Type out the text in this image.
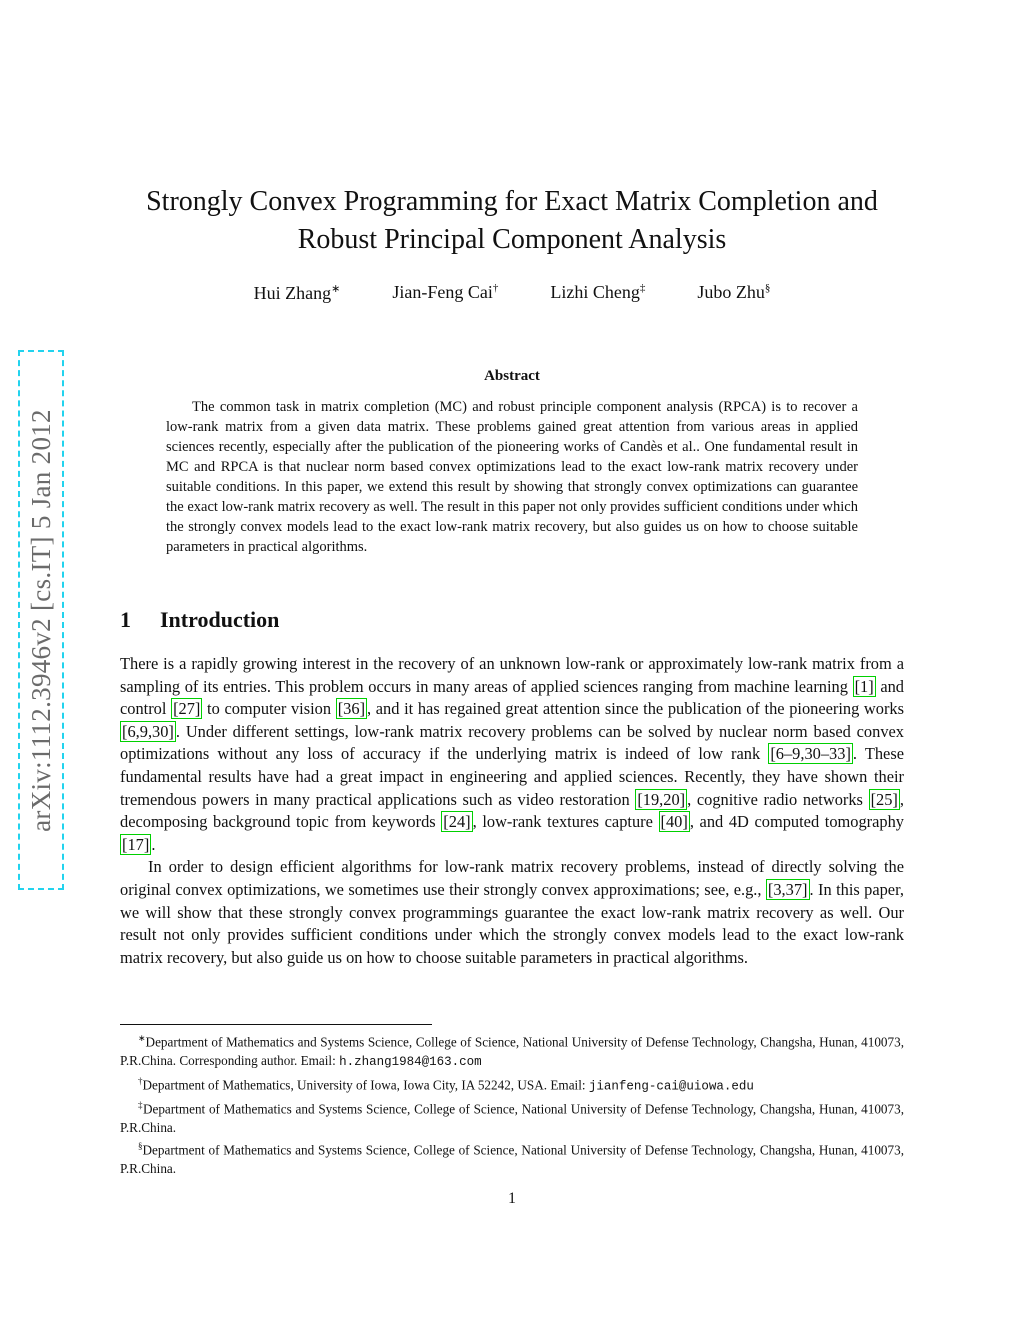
arXiv:1112.3946v2 [cs.IT] 5 Jan 2012
Strongly Convex Programming for Exact Matrix Completion and
Robust Principal Component Analysis
Hui Zhang∗	Jian-Feng Cai†	Lizhi Cheng‡	Jubo Zhu§
Abstract
The common task in matrix completion (MC) and robust principle component analysis (RPCA) is to recover a low-rank matrix from a given data matrix. These problems gained great attention from various areas in applied sciences recently, especially after the publication of the pioneering works of Candès et al.. One fundamental result in MC and RPCA is that nuclear norm based convex optimizations lead to the exact low-rank matrix recovery under suitable conditions. In this paper, we extend this result by showing that strongly convex optimizations can guarantee the exact low-rank matrix recovery as well. The result in this paper not only provides sufficient conditions under which the strongly convex models lead to the exact low-rank matrix recovery, but also guides us on how to choose suitable parameters in practical algorithms.
1 Introduction

There is a rapidly growing interest in the recovery of an unknown low-rank or approximately low-rank matrix from a sampling of its entries. This problem occurs in many areas of applied sciences ranging from machine learning [1] and control [27] to computer vision [36] , and it has regained great attention since the publication of the pioneering works [6,9,30] . Under different settings, low-rank matrix recovery problems can be solved by nuclear norm based convex optimizations without any loss of accuracy if the underlying matrix is indeed of low rank [6–9,30–33] . These fundamental results have had a great impact in engineering and applied sciences. Recently, they have shown their tremendous powers in many practical applications such as video restoration [19,20] , cognitive radio networks [25] , decomposing background topic from keywords [24] , low-rank textures capture [40] , and 4D computed tomography [17] .

In order to design efficient algorithms for low-rank matrix recovery problems, instead of directly solving the original convex optimizations, we sometimes use their strongly convex approximations; see, e.g., [3,37] . In this paper, we will show that these strongly convex programmings guarantee the exact low-rank matrix recovery as well. Our result not only provides sufficient conditions under which the strongly convex models lead to the exact low-rank matrix recovery, but also guide us on how to choose suitable parameters in practical algorithms.

∗Department of Mathematics and Systems Science, College of Science, National University of Defense Technology, Changsha, Hunan, 410073, P.R.China. Corresponding author. Email: h.zhang1984@163.com

†Department of Mathematics, University of Iowa, Iowa City, IA 52242, USA. Email: jianfeng-cai@uiowa.edu

‡Department of Mathematics and Systems Science, College of Science, National University of Defense Technology, Changsha, Hunan, 410073, P.R.China.

§Department of Mathematics and Systems Science, College of Science, National University of Defense Technology, Changsha, Hunan, 410073, P.R.China.

1
